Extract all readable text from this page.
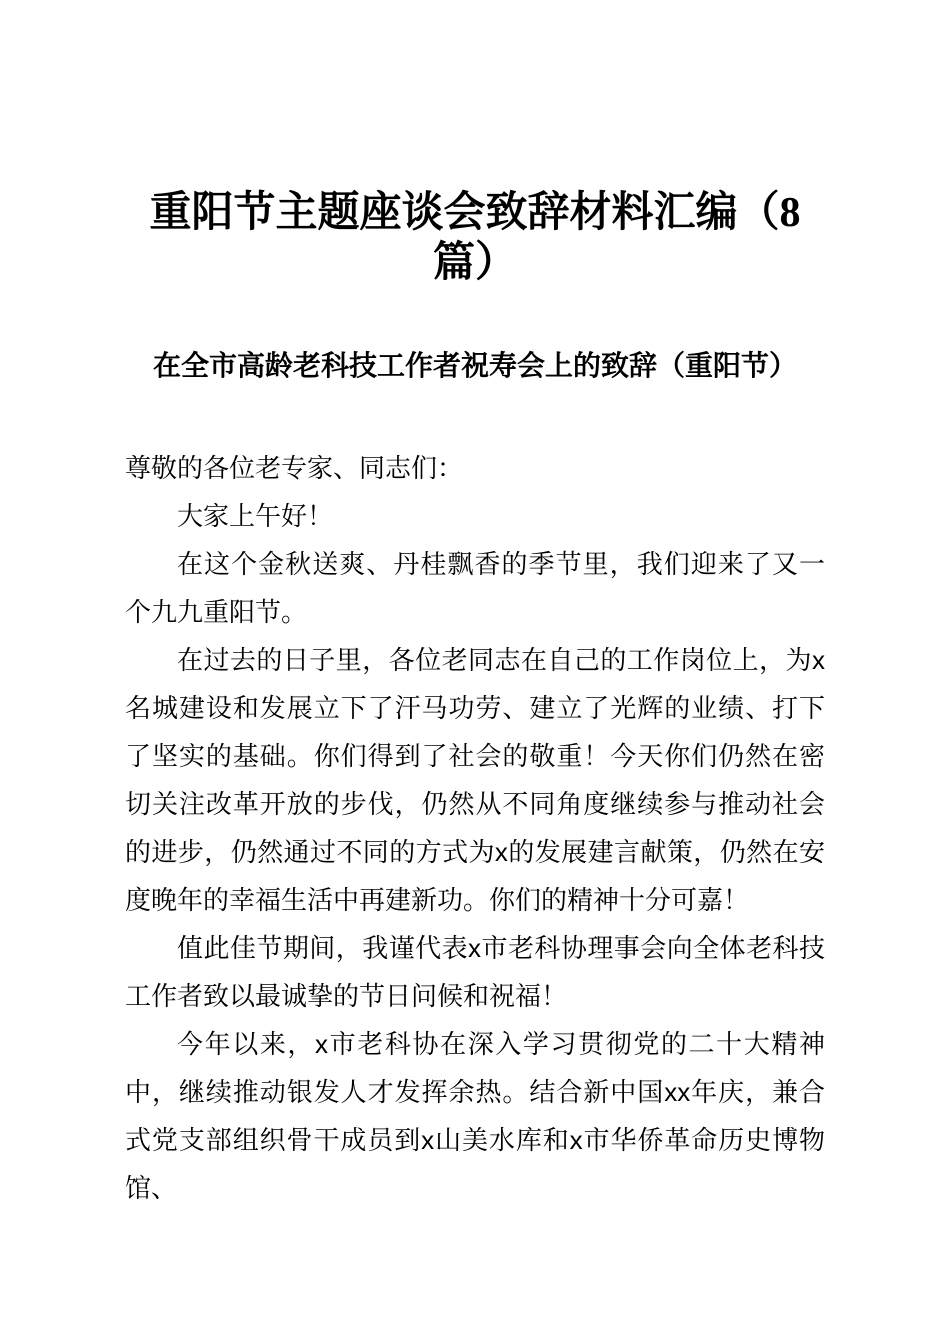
重阳节主题座谈会致辞材料汇编（8篇）
在全市高龄老科技工作者祝寿会上的致辞（重阳节）

尊敬的各位老专家、同志们：

大家上午好！

在这个金秋送爽、丹桂飘香的季节里，我们迎来了又一个九九重阳节。

在过去的日子里，各位老同志在自己的工作岗位上，为x名城建设和发展立下了汗马功劳、建立了光辉的业绩、打下了坚实的基础。你们得到了社会的敬重！今天你们仍然在密切关注改革开放的步伐，仍然从不同角度继续参与推动社会的进步，仍然通过不同的方式为x的发展建言献策，仍然在安度晚年的幸福生活中再建新功。你们的精神十分可嘉！

值此佳节期间，我谨代表x市老科协理事会向全体老科技工作者致以最诚挚的节日问候和祝福！

今年以来，x市老科协在深入学习贯彻党的二十大精神中，继续推动银发人才发挥余热。结合新中国xx年庆，兼合式党支部组织骨干成员到x山美水库和x市华侨革命历史博物馆、
